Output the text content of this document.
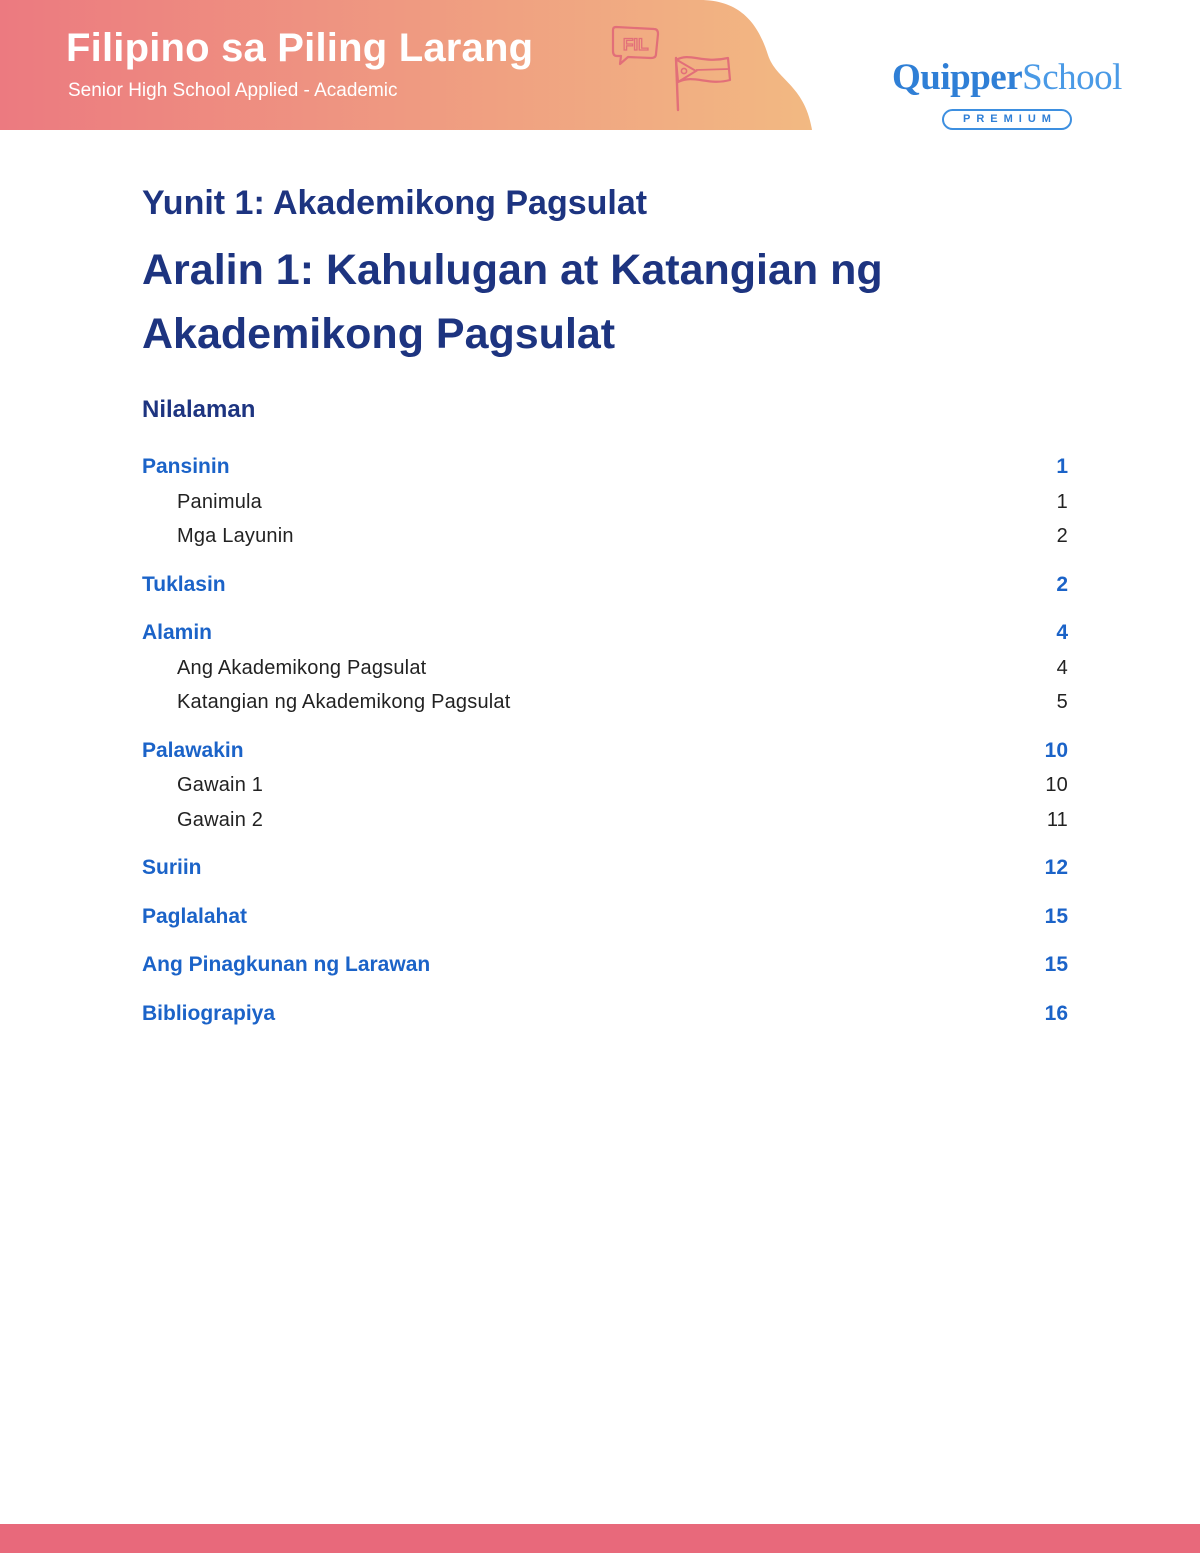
Filipino sa Piling Larang
Senior High School Applied - Academic
FIL
QuipperSchool
PREMIUM
Yunit 1: Akademikong Pagsulat
Aralin 1: Kahulugan at Katangian ng Akademikong Pagsulat
Nilalaman
Pansinin	1
Panimula	1
Mga Layunin	2
Tuklasin	2
Alamin	4
Ang Akademikong Pagsulat	4
Katangian ng Akademikong Pagsulat	5
Palawakin	10
Gawain 1	10
Gawain 2	11
Suriin	12
Paglalahat	15
Ang Pinagkunan ng Larawan	15
Bibliograpiya	16
